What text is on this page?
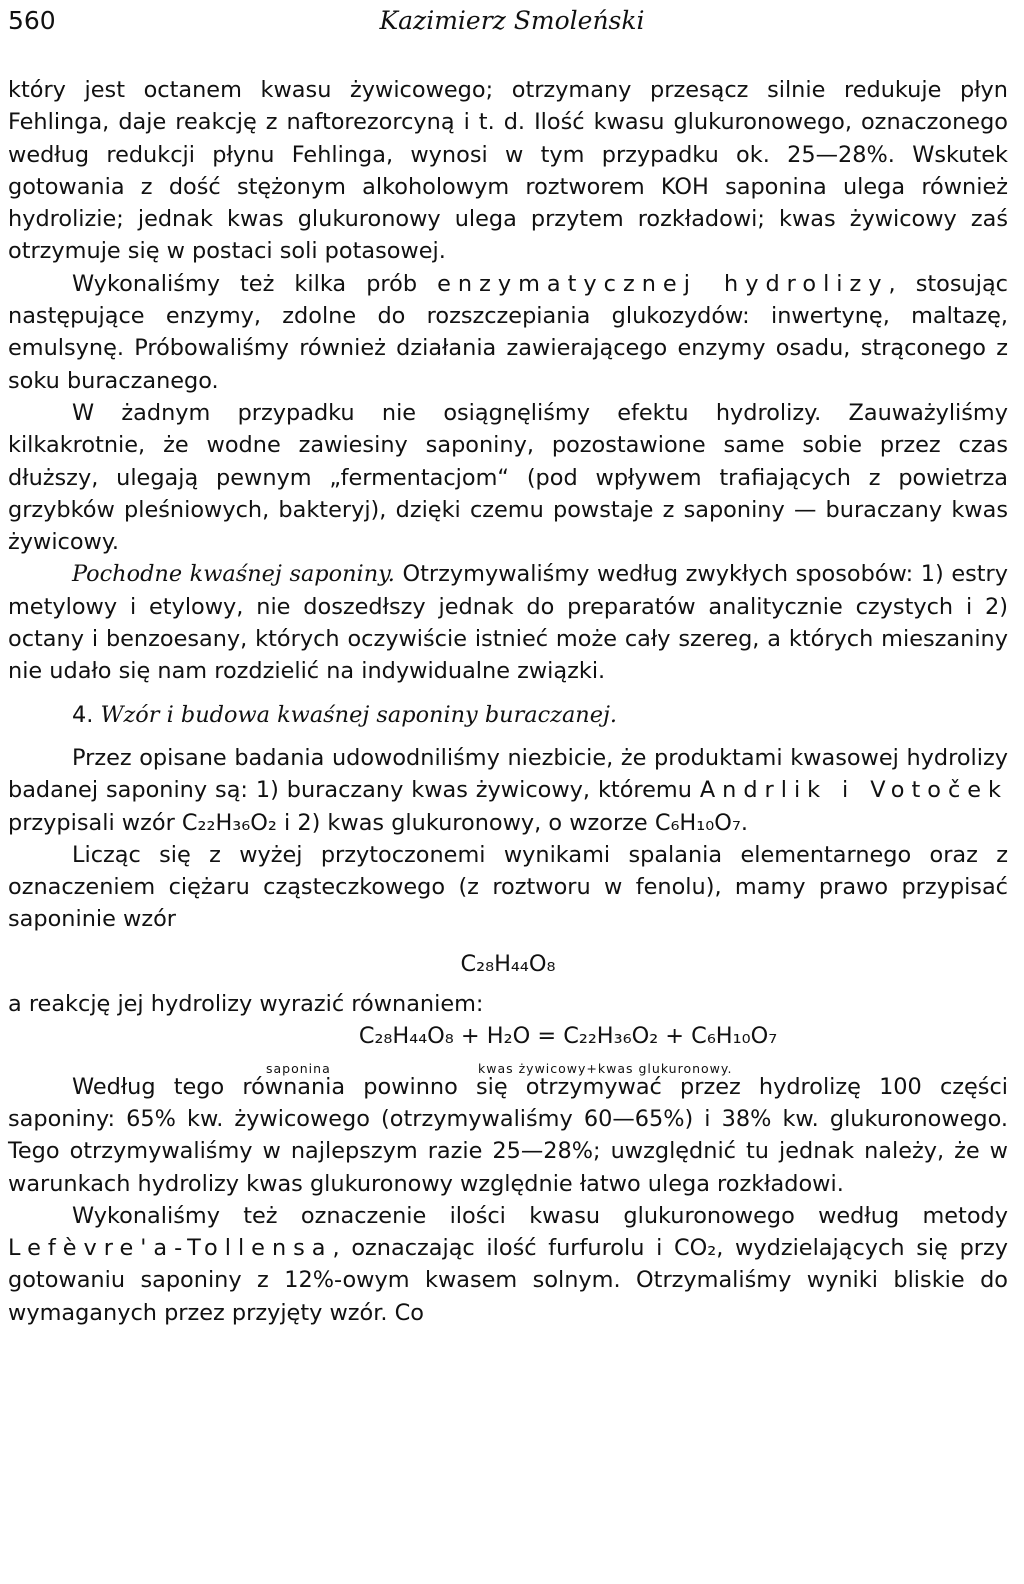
560	Kazimierz Smoleński

który jest octanem kwasu żywicowego; otrzymany przesącz silnie redukuje płyn Fehlinga, daje reakcję z naftorezorcyną i t. d. Ilość kwasu glukuronowego, oznaczonego według redukcji płynu Fehlinga, wynosi w tym przypadku ok. 25—28%. Wskutek gotowania z dość stężonym alkoholowym roztworem KOH saponina ulega również hydrolizie; jednak kwas glukuronowy ulega przytem rozkładowi; kwas żywicowy zaś otrzymuje się w postaci soli potasowej.

Wykonaliśmy też kilka prób enzymatycznej hydrolizy, stosując następujące enzymy, zdolne do rozszczepiania glukozydów: inwertynę, maltazę, emulsynę. Próbowaliśmy również działania zawierającego enzymy osadu, strąconego z soku buraczanego.

W żadnym przypadku nie osiągnęliśmy efektu hydrolizy. Zauważyliśmy kilkakrotnie, że wodne zawiesiny saponiny, pozostawione same sobie przez czas dłuższy, ulegają pewnym „fermentacjom“ (pod wpływem trafiających z powietrza grzybków pleśniowych, bakteryj), dzięki czemu powstaje z saponiny — buraczany kwas żywicowy.

Pochodne kwaśnej saponiny. Otrzymywaliśmy według zwykłych sposobów: 1) estry metylowy i etylowy, nie doszedłszy jednak do preparatów analitycznie czystych i 2) octany i benzoesany, których oczywiście istnieć może cały szereg, a których mieszaniny nie udało się nam rozdzielić na indywidualne związki.

4. Wzór i budowa kwaśnej saponiny buraczanej.

Przez opisane badania udowodniliśmy niezbicie, że produktami kwasowej hydrolizy badanej saponiny są: 1) buraczany kwas żywicowy, któremu Andrlik i Votoček przypisali wzór C₂₂H₃₆O₂ i 2) kwas glukuronowy, o wzorze C₆H₁₀O₇.

Licząc się z wyżej przytoczonemi wynikami spalania elementarnego oraz z oznaczeniem ciężaru cząsteczkowego (z roztworu w fenolu), mamy prawo przypisać saponinie wzór

C₂₈H₄₄O₈

a reakcję jej hydrolizy wyrazić równaniem:

C₂₈H₄₄O₈ + H₂O = C₂₂H₃₆O₂ + C₆H₁₀O₇
saponina	kwas żywicowy+kwas glukuronowy.

Według tego równania powinno się otrzymywać przez hydrolizę 100 części saponiny: 65% kw. żywicowego (otrzymywaliśmy 60—65%) i 38% kw. glukuronowego. Tego otrzymywaliśmy w najlepszym razie 25—28%; uwzględnić tu jednak należy, że w warunkach hydrolizy kwas glukuronowy względnie łatwo ulega rozkładowi.

Wykonaliśmy też oznaczenie ilości kwasu glukuronowego według metody Lefèvre'a-Tollensa, oznaczając ilość furfurolu i CO₂, wydzielających się przy gotowaniu saponiny z 12%-owym kwasem solnym. Otrzymaliśmy wyniki bliskie do wymaganych przez przyjęty wzór. Co
